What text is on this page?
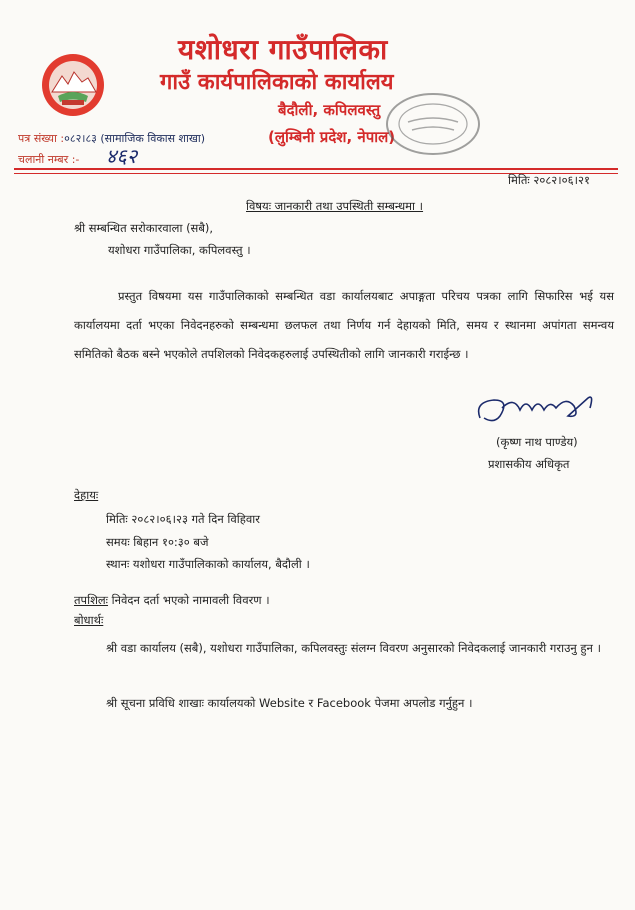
यशोधरा गाउँपालिका
गाउँ कार्यपालिकाको कार्यालय
बैदौली, कपिलवस्तु
(लुम्बिनी प्रदेश, नेपाल)
पत्र संख्या :०८२।८३ (सामाजिक विकास शाखा)
चलानी नम्बर :- ४६२
मितिः २०८२।०६।२१
विषयः जानकारी तथा उपस्थिती सम्बन्धमा ।
श्री सम्बन्धित सरोकारवाला (सबै),
यशोधरा गाउँपालिका, कपिलवस्तु ।
प्रस्तुत विषयमा यस गाउँपालिकाको सम्बन्धित वडा कार्यालयबाट अपाङ्गता परिचय पत्रका लागि सिफारिस भई यस कार्यालयमा दर्ता भएका निवेदनहरुको सम्बन्धमा छलफल तथा निर्णय गर्न देहायको मिति, समय र स्थानमा अपांगता समन्वय समितिको बैठक बस्ने भएकोले तपशिलको निवेदकहरुलाई उपस्थितीको लागि जानकारी गराईन्छ ।
(कृष्ण नाथ पाण्डेय)
प्रशासकीय अधिकृत
देहायः
मितिः २०८२।०६।२३ गते दिन विहिवार
समयः बिहान १०:३० बजे
स्थानः यशोधरा गाउँपालिकाको कार्यालय, बैदौली ।
तपशिलः निवेदन दर्ता भएको नामावली विवरण ।
बोधार्थः
श्री वडा कार्यालय (सबै), यशोधरा गाउँपालिका, कपिलवस्तुः संलग्न विवरण अनुसारको निवेदकलाई जानकारी गराउनु हुन ।
श्री सूचना प्रविधि शाखाः कार्यालयको Website र Facebook पेजमा अपलोड गर्नुहुन ।
